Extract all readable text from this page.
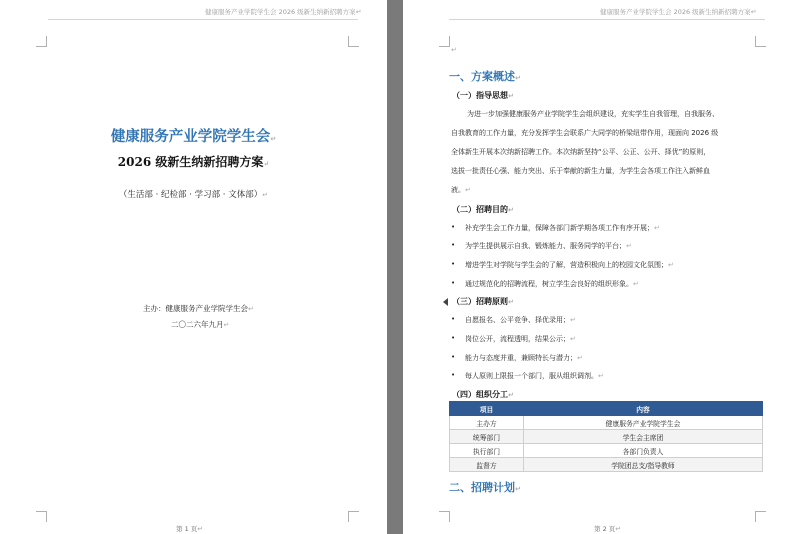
健康服务产业学院学生会 2026 级新生纳新招聘方案↵
健康服务产业学院学生会↵
2026 级新生纳新招聘方案↵
（生活部 · 纪检部 · 学习部 · 文体部）↵
主办：健康服务产业学院学生会↵
二〇二六年九月↵
第 1 页↵
健康服务产业学院学生会 2026 级新生纳新招聘方案↵
↵
一、方案概述↵
（一）指导思想↵
为进一步加强健康服务产业学院学生会组织建设，充实学生自我管理，自我服务、
自我教育的工作力量，充分发挥学生会联系广大同学的桥梁纽带作用，现面向 2026 级
全体新生开展本次纳新招聘工作。本次纳新坚持“公平、公正、公开、择优”的原则，
选拔一批责任心强、能力突出、乐于奉献的新生力量，为学生会各项工作注入新鲜血
液。↵
（二）招聘目的↵
• 补充学生会工作力量，保障各部门新学期各项工作有序开展；↵
• 为学生提供展示自我、锻炼能力、服务同学的平台；↵
• 增进学生对学院与学生会的了解，营造积极向上的校园文化氛围；↵
• 通过规范化的招聘流程，树立学生会良好的组织形象。↵
（三）招聘原则↵
• 自愿报名、公平竞争、择优录用；↵
• 岗位公开，流程透明，结果公示；↵
• 能力与态度并重，兼顾特长与潜力；↵
• 每人原则上限报一个部门，服从组织调剂。↵
（四）组织分工↵
项目	内容
主办方	健康服务产业学院学生会
统筹部门	学生会主席团
执行部门	各部门负责人
监督方	学院团总支/指导教师
二、招聘计划↵
第 2 页↵
